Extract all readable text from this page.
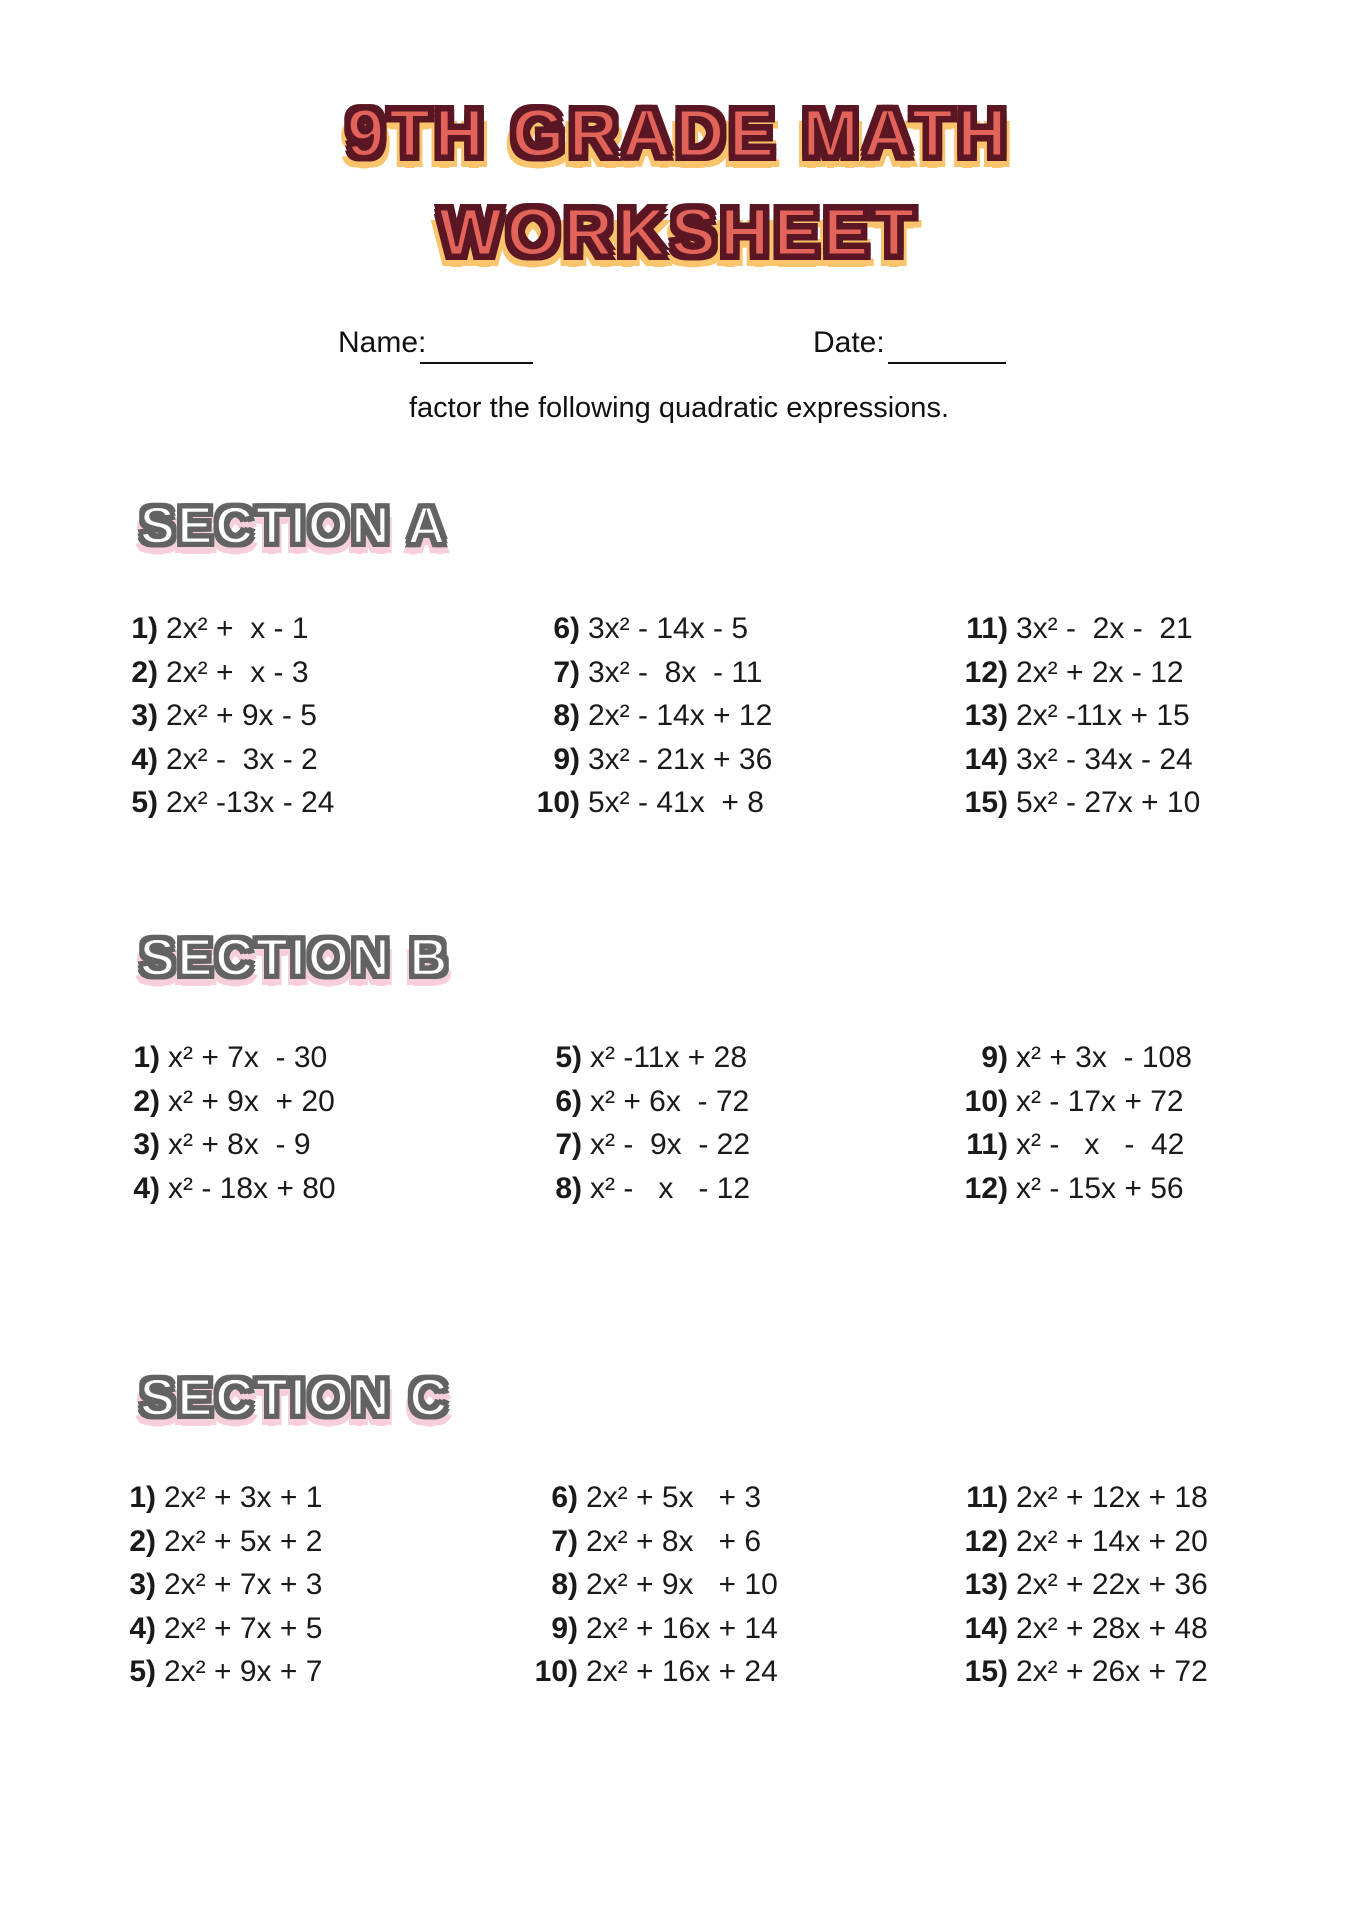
9TH GRADE MATH
WORKSHEET
Name:	Date:
factor the following quadratic expressions.
SECTION A
1) 2x² +  x - 1
2) 2x² +  x - 3
3) 2x² + 9x - 5
4) 2x² -  3x - 2
5) 2x² -13x - 24
6) 3x² - 14x - 5
7) 3x² -  8x  - 11
8) 2x² - 14x + 12
9) 3x² - 21x + 36
10) 5x² - 41x  + 8
11) 3x² -  2x -  21
12) 2x² + 2x - 12
13) 2x² -11x + 15
14) 3x² - 34x - 24
15) 5x² - 27x + 10
SECTION B
1) x² + 7x  - 30
2) x² + 9x  + 20
3) x² + 8x  - 9
4) x² - 18x + 80
5) x² -11x + 28
6) x² + 6x  - 72
7) x² -  9x  - 22
8) x² -   x   - 12
9) x² + 3x  - 108
10) x² - 17x + 72
11) x² -   x   -  42
12) x² - 15x + 56
SECTION C
1) 2x² + 3x + 1
2) 2x² + 5x + 2
3) 2x² + 7x + 3
4) 2x² + 7x + 5
5) 2x² + 9x + 7
6) 2x² + 5x   + 3
7) 2x² + 8x   + 6
8) 2x² + 9x   + 10
9) 2x² + 16x + 14
10) 2x² + 16x + 24
11) 2x² + 12x + 18
12) 2x² + 14x + 20
13) 2x² + 22x + 36
14) 2x² + 28x + 48
15) 2x² + 26x + 72
